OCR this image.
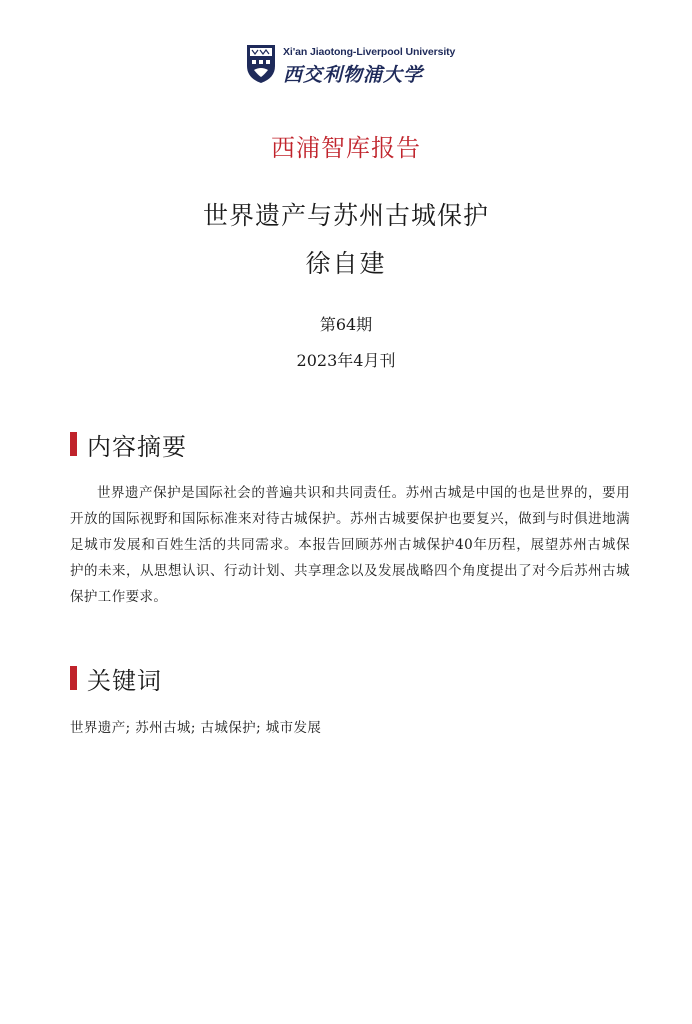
Xi'an Jiaotong-Liverpool University
西交利物浦大学
西浦智库报告
世界遗产与苏州古城保护
徐自建
第64期
2023年4月刊
内容摘要
世界遗产保护是国际社会的普遍共识和共同责任。苏州古城是中国的也是世界的，要用开放的国际视野和国际标准来对待古城保护。苏州古城要保护也要复兴，做到与时俱进地满足城市发展和百姓生活的共同需求。本报告回顾苏州古城保护40年历程，展望苏州古城保护的未来，从思想认识、行动计划、共享理念以及发展战略四个角度提出了对今后苏州古城保护工作要求。
关键词
世界遗产; 苏州古城; 古城保护; 城市发展
